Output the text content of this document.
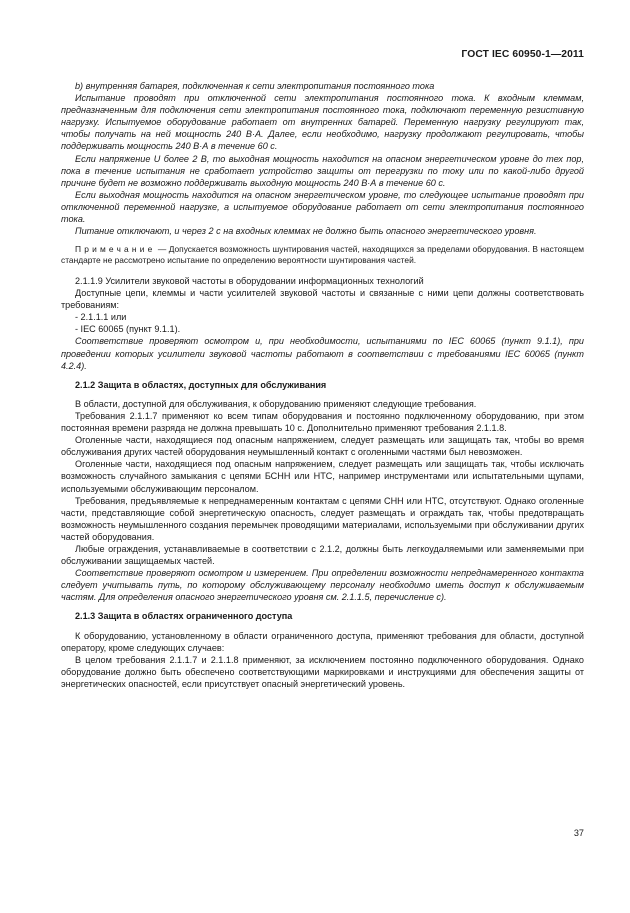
ГОСТ IEC 60950-1—2011

b) внутренняя батарея, подключенная к сети электропитания постоянного тока

Испытание проводят при отключенной сети электропитания постоянного тока. К входным клеммам, предназначенным для подключения сети электропитания постоянного тока, подключают переменную резистивную нагрузку. Испытуемое оборудование работает от внутренних батарей. Переменную нагрузку регулируют так, чтобы получать на ней мощность 240 В·А. Далее, если необходимо, нагрузку продолжают регулировать, чтобы поддерживать мощность 240 В·А в течение 60 с.

Если напряжение U более 2 В, то выходная мощность находится на опасном энергетическом уровне до тех пор, пока в течение испытания не сработает устройство защиты от перегрузки по току или по какой-либо другой причине будет не возможно поддерживать выходную мощность 240 В·А в течение 60 с.

Если выходная мощность находится на опасном энергетическом уровне, то следующее испытание проводят при отключенной переменной нагрузке, а испытуемое оборудование работает от сети электропитания постоянного тока.

Питание отключают, и через 2 с на входных клеммах не должно быть опасного энергетического уровня.

Примечание — Допускается возможность шунтирования частей, находящихся за пределами оборудования. В настоящем стандарте не рассмотрено испытание по определению вероятности шунтирования частей.

2.1.1.9 Усилители звуковой частоты в оборудовании информационных технологий

Доступные цепи, клеммы и части усилителей звуковой частоты и связанные с ними цепи должны соответствовать требованиям:

- 2.1.1.1 или

- IEC 60065 (пункт 9.1.1).

Соответствие проверяют осмотром и, при необходимости, испытаниями по IEC 60065 (пункт 9.1.1), при проведении которых усилители звуковой частоты работают в соответствии с требованиями IEC 60065 (пункт 4.2.4).

2.1.2 Защита в областях, доступных для обслуживания

В области, доступной для обслуживания, к оборудованию применяют следующие требования.

Требования 2.1.1.7 применяют ко всем типам оборудования и постоянно подключенному оборудованию, при этом постоянная времени разряда не должна превышать 10 с. Дополнительно применяют требования 2.1.1.8.

Оголенные части, находящиеся под опасным напряжением, следует размещать или защищать так, чтобы во время обслуживания других частей оборудования неумышленный контакт с оголенными частями был невозможен.

Оголенные части, находящиеся под опасным напряжением, следует размещать или защищать так, чтобы исключать возможность случайного замыкания с цепями БСНН или НТС, например инструментами или испытательными щупами, используемыми обслуживающим персоналом.

Требования, предъявляемые к непреднамеренным контактам с цепями СНН или НТС, отсутствуют. Однако оголенные части, представляющие собой энергетическую опасность, следует размещать и ограждать так, чтобы предотвращать возможность неумышленного создания перемычек проводящими материалами, используемыми при обслуживании других частей оборудования.

Любые ограждения, устанавливаемые в соответствии с 2.1.2, должны быть легкоудаляемыми или заменяемыми при обслуживании защищаемых частей.

Соответствие проверяют осмотром и измерением. При определении возможности непреднамеренного контакта следует учитывать путь, по которому обслуживающему персоналу необходимо иметь доступ к обслуживаемым частям. Для определения опасного энергетического уровня см. 2.1.1.5, перечисление с).

2.1.3 Защита в областях ограниченного доступа

К оборудованию, установленному в области ограниченного доступа, применяют требования для области, доступной оператору, кроме следующих случаев:

В целом требования 2.1.1.7 и 2.1.1.8 применяют, за исключением постоянно подключенного оборудования. Однако оборудование должно быть обеспечено соответствующими маркировками и инструкциями для обеспечения защиты от энергетических опасностей, если присутствует опасный энергетический уровень.

37
